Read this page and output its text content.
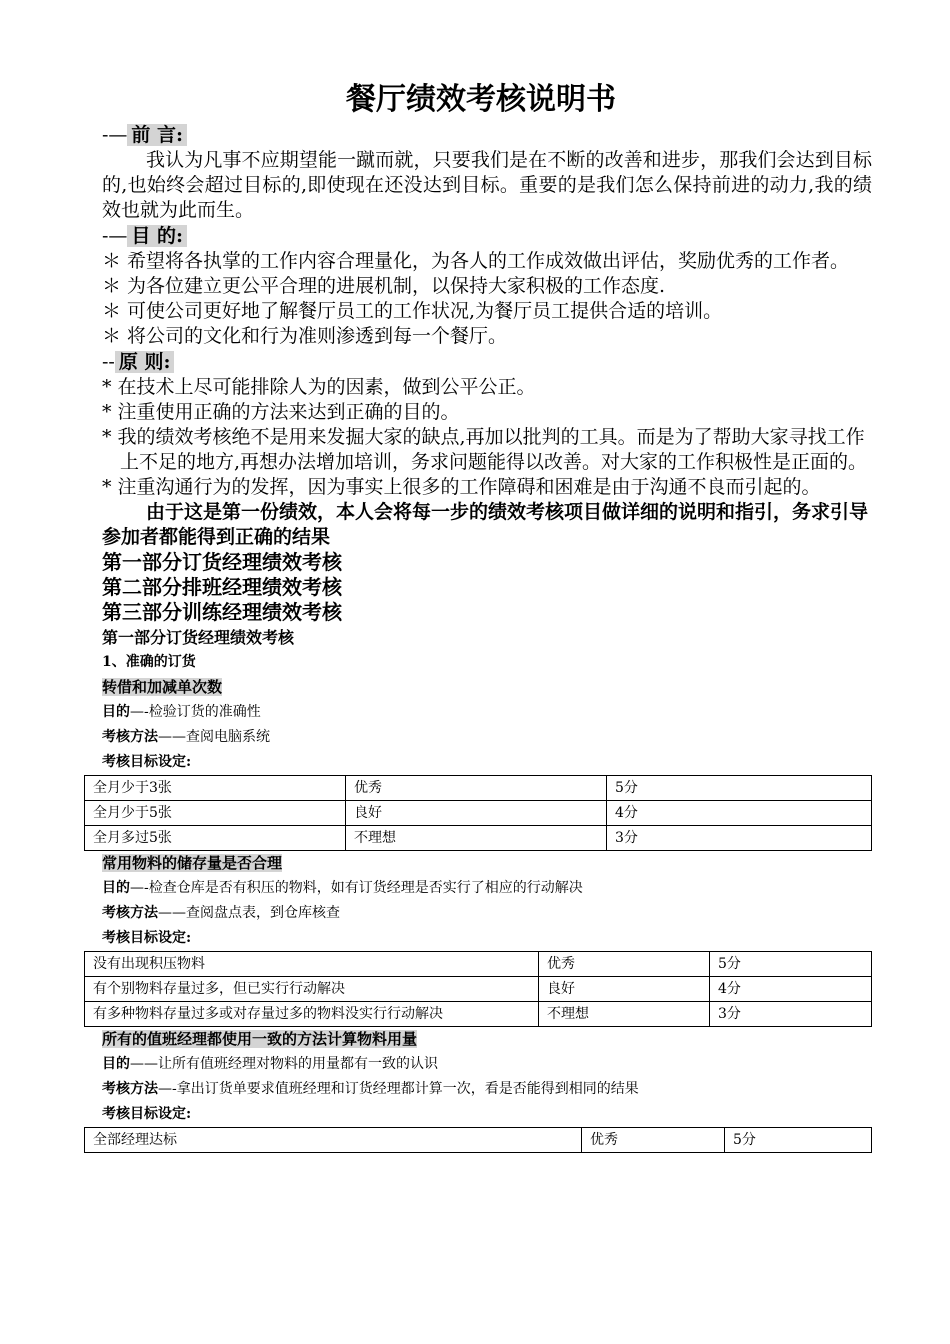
餐厅绩效考核说明书
-— 前 言:
我认为凡事不应期望能一蹴而就，只要我们是在不断的改善和进步，那我们会达到目标的,也始终会超过目标的,即使现在还没达到目标。重要的是我们怎么保持前进的动力,我的绩效也就为此而生。
-— 目 的:
＊ 希望将各执掌的工作内容合理量化，为各人的工作成效做出评估，奖励优秀的工作者。
＊ 为各位建立更公平合理的进展机制，以保持大家积极的工作态度.
＊ 可使公司更好地了解餐厅员工的工作状况,为餐厅员工提供合适的培训。
＊ 将公司的文化和行为准则渗透到每一个餐厅。
-- 原 则:
* 在技术上尽可能排除人为的因素，做到公平公正。
* 注重使用正确的方法来达到正确的目的。
* 我的绩效考核绝不是用来发掘大家的缺点,再加以批判的工具。而是为了帮助大家寻找工作上不足的地方,再想办法增加培训，务求问题能得以改善。对大家的工作积极性是正面的。
* 注重沟通行为的发挥，因为事实上很多的工作障碍和困难是由于沟通不良而引起的。
由于这是第一份绩效，本人会将每一步的绩效考核项目做详细的说明和指引，务求引导参加者都能得到正确的结果
第一部分订货经理绩效考核
第二部分排班经理绩效考核
第三部分训练经理绩效考核
第一部分订货经理绩效考核
1、准确的订货
转借和加减单次数
目的—-检验订货的准确性
考核方法——查阅电脑系统
考核目标设定:
全月少于3张	优秀	5分
全月少于5张	良好	4分
全月多过5张	不理想	3分
常用物料的储存量是否合理
目的—-检查仓库是否有积压的物料，如有订货经理是否实行了相应的行动解决
考核方法——查阅盘点表，到仓库核查
考核目标设定:
没有出现积压物料	优秀	5分
有个别物料存量过多，但已实行行动解决	良好	4分
有多种物料存量过多或对存量过多的物料没实行行动解决	不理想	3分
所有的值班经理都使用一致的方法计算物料用量
目的——让所有值班经理对物料的用量都有一致的认识
考核方法—-拿出订货单要求值班经理和订货经理都计算一次，看是否能得到相同的结果
考核目标设定:
全部经理达标	优秀	5分
